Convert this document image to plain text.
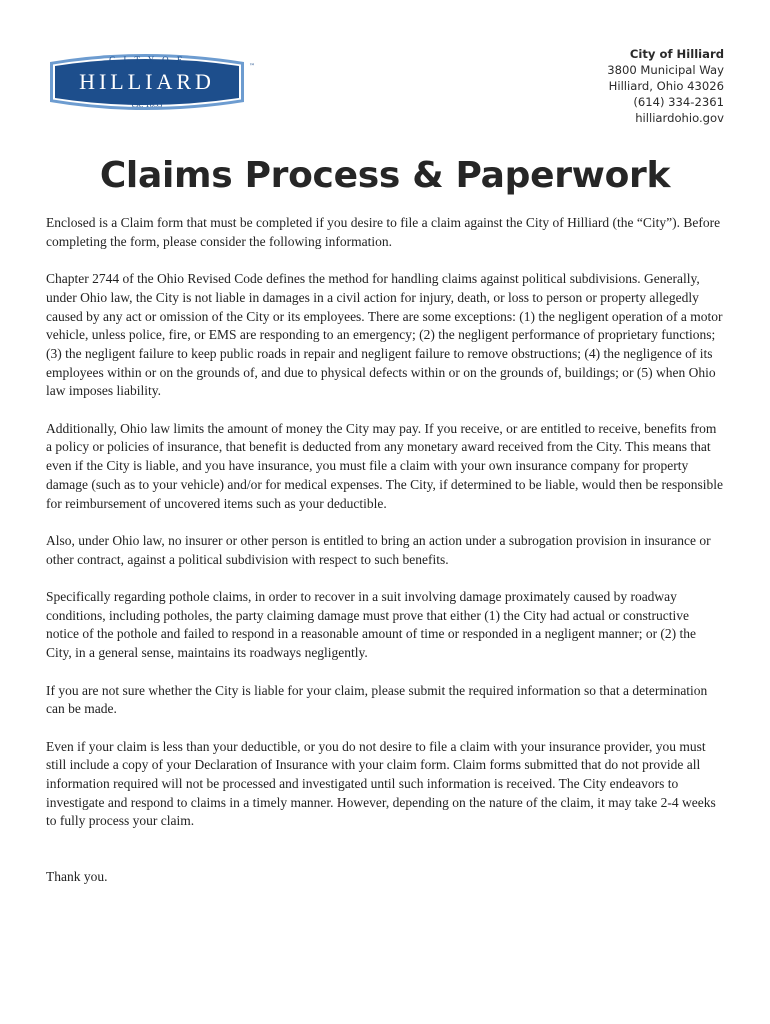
C I T Y O F
HILLIARD
est. 1853
™
City of Hilliard
3800 Municipal Way
Hilliard, Ohio 43026
(614) 334-2361
hilliardohio.gov
Claims Process & Paperwork

Enclosed is a Claim form that must be completed if you desire to file a claim against the City of Hilliard (the “City”). Before completing the form, please consider the following information.

Chapter 2744 of the Ohio Revised Code defines the method for handling claims against political subdivisions. Generally, under Ohio law, the City is not liable in damages in a civil action for injury, death, or loss to person or property allegedly caused by any act or omission of the City or its employees. There are some exceptions: (1) the negligent operation of a motor vehicle, unless police, fire, or EMS are responding to an emergency; (2) the negligent performance of proprietary functions; (3) the negligent failure to keep public roads in repair and negligent failure to remove obstructions; (4) the negligence of its employees within or on the grounds of, and due to physical defects within or on the grounds of, buildings; or (5) when Ohio law imposes liability.

Additionally, Ohio law limits the amount of money the City may pay. If you receive, or are entitled to receive, benefits from a policy or policies of insurance, that benefit is deducted from any monetary award received from the City. This means that even if the City is liable, and you have insurance, you must file a claim with your own insurance company for property damage (such as to your vehicle) and/or for medical expenses. The City, if determined to be liable, would then be responsible for reimbursement of uncovered items such as your deductible.

Also, under Ohio law, no insurer or other person is entitled to bring an action under a subrogation provision in insurance or other contract, against a political subdivision with respect to such benefits.

Specifically regarding pothole claims, in order to recover in a suit involving damage proximately caused by roadway conditions, including potholes, the party claiming damage must prove that either (1) the City had actual or constructive notice of the pothole and failed to respond in a reasonable amount of time or responded in a negligent manner; or (2) the City, in a general sense, maintains its roadways negligently.

If you are not sure whether the City is liable for your claim, please submit the required information so that a determination can be made.

Even if your claim is less than your deductible, or you do not desire to file a claim with your insurance provider, you must still include a copy of your Declaration of Insurance with your claim form. Claim forms submitted that do not provide all information required will not be processed and investigated until such information is received. The City endeavors to investigate and respond to claims in a timely manner. However, depending on the nature of the claim, it may take 2-4 weeks to fully process your claim.

Thank you.
